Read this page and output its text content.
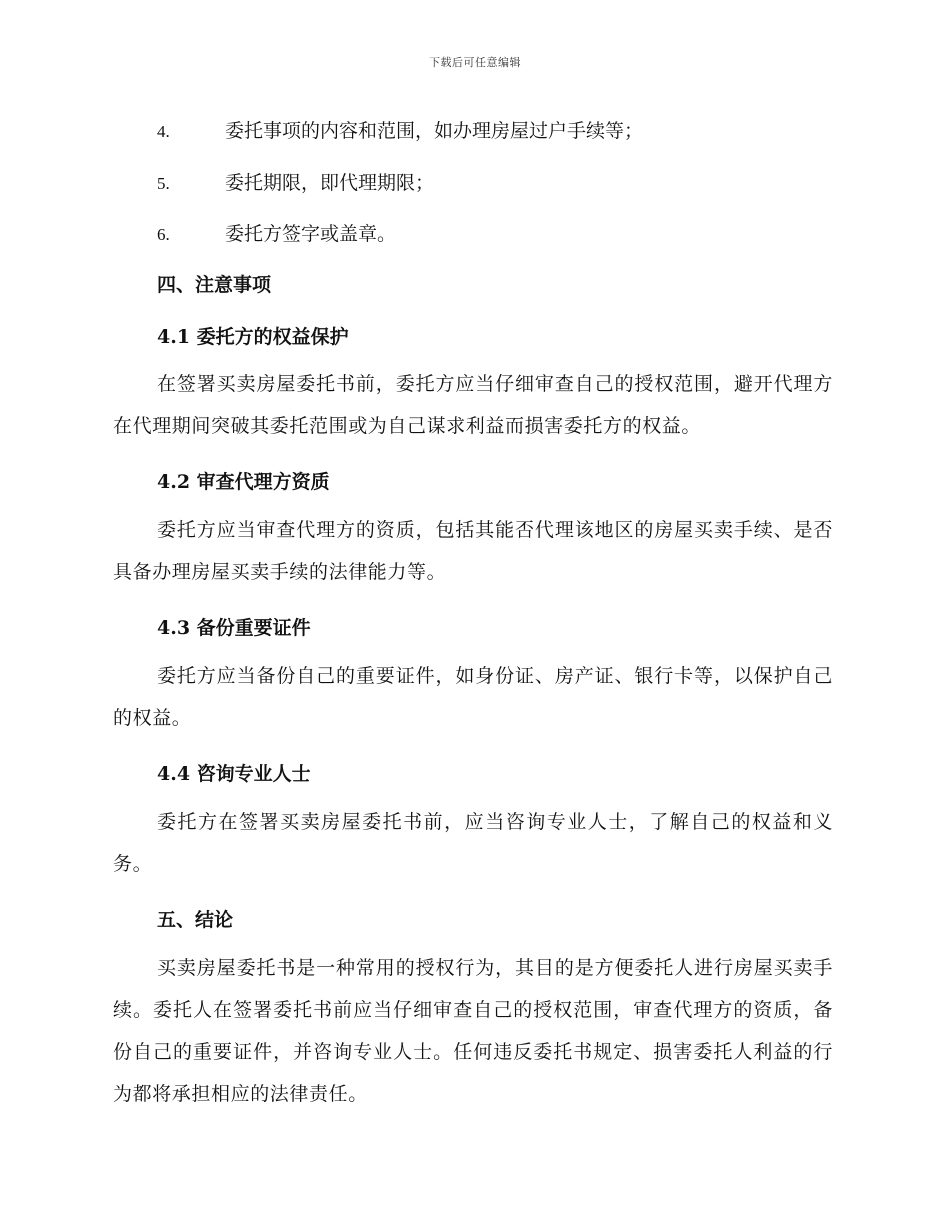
下载后可任意编辑
4.	委托事项的内容和范围，如办理房屋过户手续等；
5.	委托期限，即代理期限；
6.	委托方签字或盖章。
四、注意事项
4.1 委托方的权益保护

在签署买卖房屋委托书前，委托方应当仔细审查自己的授权范围，避开代理方在代理期间突破其委托范围或为自己谋求利益而损害委托方的权益。

4.2 审查代理方资质

委托方应当审查代理方的资质，包括其能否代理该地区的房屋买卖手续、是否具备办理房屋买卖手续的法律能力等。

4.3 备份重要证件

委托方应当备份自己的重要证件，如身份证、房产证、银行卡等，以保护自己的权益。

4.4 咨询专业人士

委托方在签署买卖房屋委托书前，应当咨询专业人士，了解自己的权益和义务。

五、结论

买卖房屋委托书是一种常用的授权行为，其目的是方便委托人进行房屋买卖手续。委托人在签署委托书前应当仔细审查自己的授权范围，审查代理方的资质，备份自己的重要证件，并咨询专业人士。任何违反委托书规定、损害委托人利益的行为都将承担相应的法律责任。
